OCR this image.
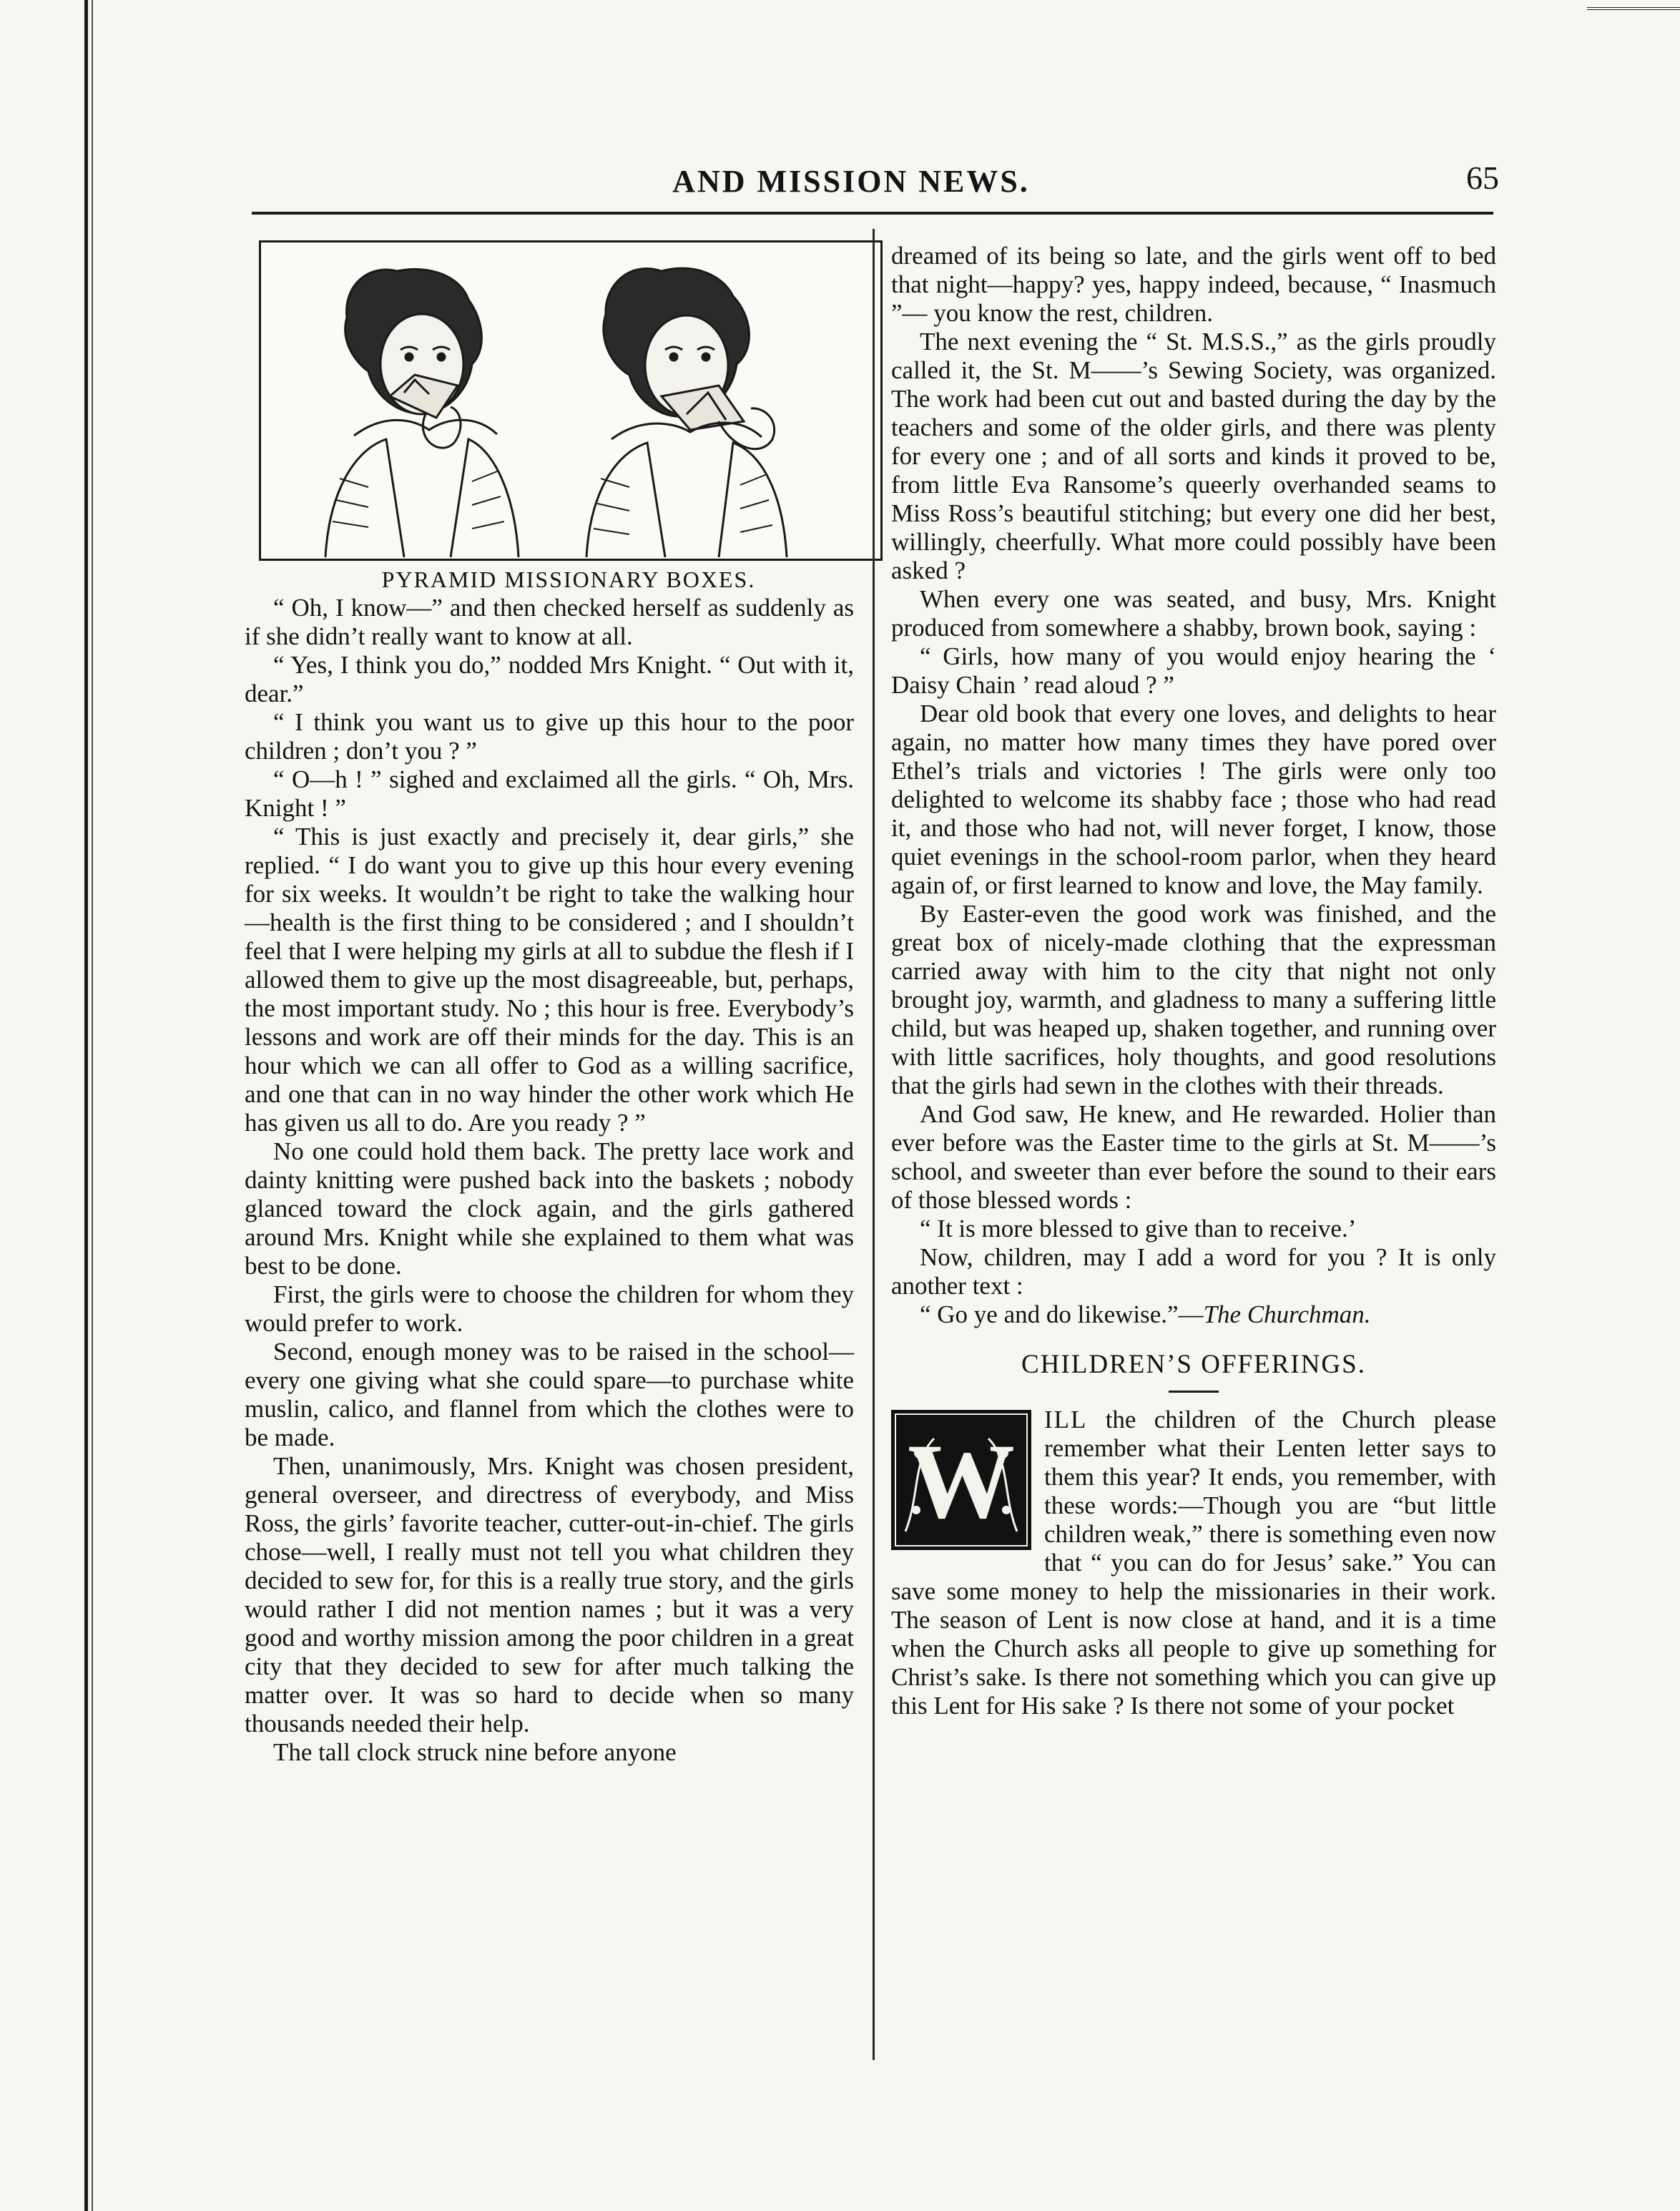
AND MISSION NEWS.	65
PYRAMID MISSIONARY BOXES.

“ Oh, I know—” and then checked herself as suddenly as if she didn’t really want to know at all.

“ Yes, I think you do,” nodded Mrs Knight. “ Out with it, dear.”

“ I think you want us to give up this hour to the poor children ; don’t you ? ”

“ O—h ! ” sighed and exclaimed all the girls. “ Oh, Mrs. Knight ! ”

“ This is just exactly and precisely it, dear girls,” she replied. “ I do want you to give up this hour every evening for six weeks. It wouldn’t be right to take the walking hour—health is the first thing to be considered ; and I shouldn’t feel that I were helping my girls at all to subdue the flesh if I allowed them to give up the most disagreeable, but, perhaps, the most important study. No ; this hour is free. Everybody’s lessons and work are off their minds for the day. This is an hour which we can all offer to God as a willing sacrifice, and one that can in no way hinder the other work which He has given us all to do. Are you ready ? ”

No one could hold them back. The pretty lace work and dainty knitting were pushed back into the baskets ; nobody glanced toward the clock again, and the girls gathered around Mrs. Knight while she explained to them what was best to be done.

First, the girls were to choose the children for whom they would prefer to work.

Second, enough money was to be raised in the school—every one giving what she could spare—to purchase white muslin, calico, and flannel from which the clothes were to be made.

Then, unanimously, Mrs. Knight was chosen president, general overseer, and directress of everybody, and Miss Ross, the girls’ favorite teacher, cutter-out-in-chief. The girls chose—well, I really must not tell you what children they decided to sew for, for this is a really true story, and the girls would rather I did not mention names ; but it was a very good and worthy mission among the poor children in a great city that they decided to sew for after much talking the matter over. It was so hard to decide when so many thousands needed their help.

The tall clock struck nine before anyone

dreamed of its being so late, and the girls went off to bed that night—happy? yes, happy indeed, because, “ Inasmuch ”— you know the rest, children.

The next evening the “ St. M.S.S.,” as the girls proudly called it, the St. M——’s Sewing Society, was organized. The work had been cut out and basted during the day by the teachers and some of the older girls, and there was plenty for every one ; and of all sorts and kinds it proved to be, from little Eva Ransome’s queerly overhanded seams to Miss Ross’s beautiful stitching; but every one did her best, willingly, cheerfully. What more could possibly have been asked ?

When every one was seated, and busy, Mrs. Knight produced from somewhere a shabby, brown book, saying :

“ Girls, how many of you would enjoy hearing the ‘ Daisy Chain ’ read aloud ? ”

Dear old book that every one loves, and delights to hear again, no matter how many times they have pored over Ethel’s trials and victories ! The girls were only too delighted to welcome its shabby face ; those who had read it, and those who had not, will never forget, I know, those quiet evenings in the school-room parlor, when they heard again of, or first learned to know and love, the May family.

By Easter-even the good work was finished, and the great box of nicely-made clothing that the expressman carried away with him to the city that night not only brought joy, warmth, and gladness to many a suffering little child, but was heaped up, shaken together, and running over with little sacrifices, holy thoughts, and good resolutions that the girls had sewn in the clothes with their threads.

And God saw, He knew, and He rewarded. Holier than ever before was the Easter time to the girls at St. M——’s school, and sweeter than ever before the sound to their ears of those blessed words :

“ It is more blessed to give than to receive.’

Now, children, may I add a word for you ? It is only another text :

“ Go ye and do likewise.”—The Churchman.

CHILDREN’S OFFERINGS.

W
ILL the children of the Church please remember what their Lenten letter says to them this year? It ends, you remember, with these words:—Though you are “but little children weak,” there is something even now that “ you can do for Jesus’ sake.” You can save some money to help the missionaries in their work. The season of Lent is now close at hand, and it is a time when the Church asks all people to give up something for Christ’s sake. Is there not something which you can give up this Lent for His sake ? Is there not some of your pocket
